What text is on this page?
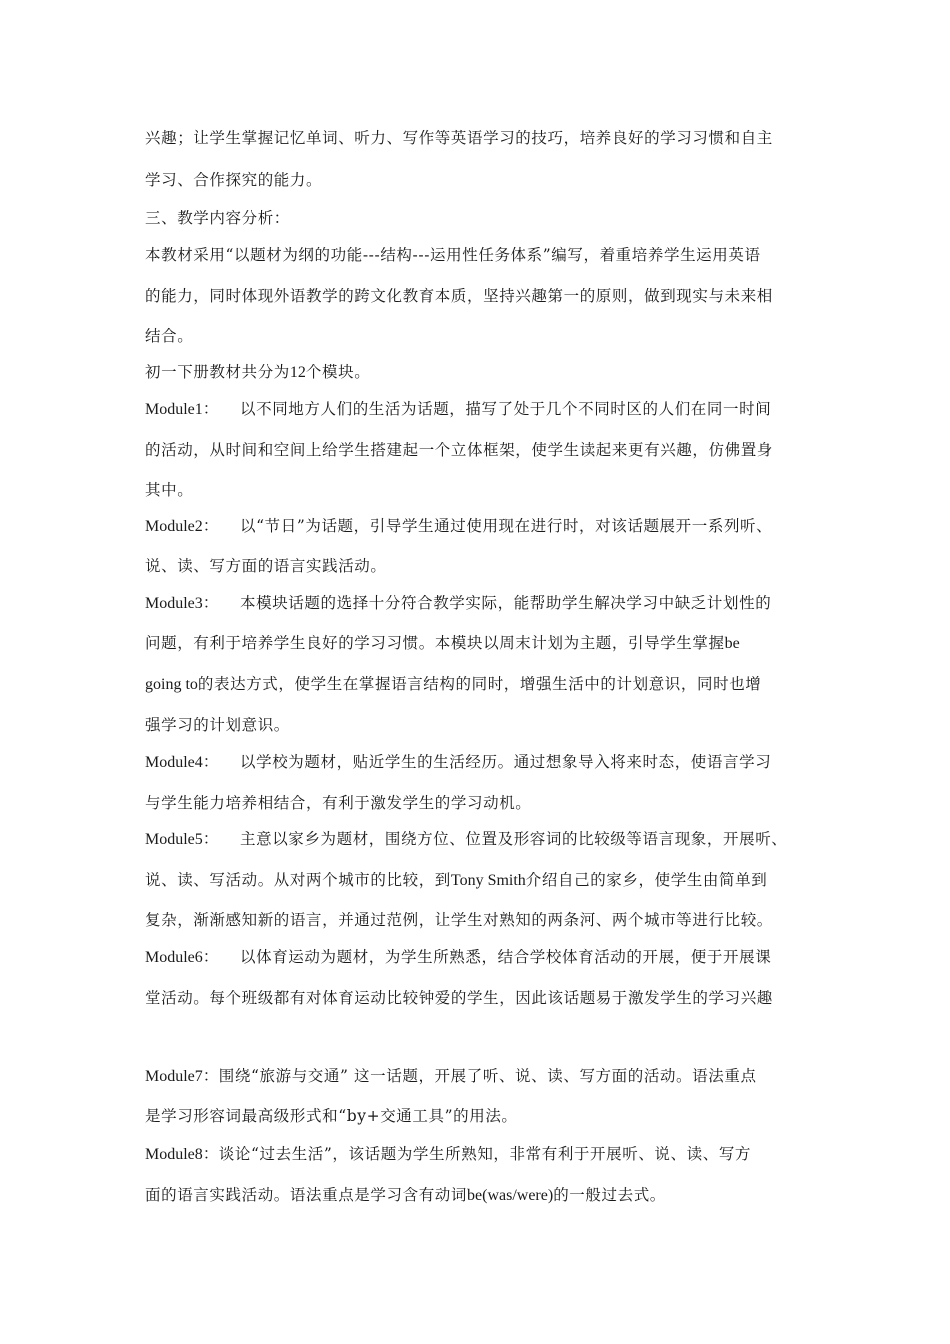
兴趣；让学生掌握记忆单词、听力、写作等英语学习的技巧，培养良好的学习习惯和自主
学习、合作探究的能力。
三、教学内容分析：
本教材采用“以题材为纲的功能---结构---运用性任务体系”编写，着重培养学生运用英语
的能力，同时体现外语教学的跨文化教育本质，坚持兴趣第一的原则，做到现实与未来相
结合。
初一下册教材共分为12个模块。
Module1： 以不同地方人们的生活为话题，描写了处于几个不同时区的人们在同一时间
的活动，从时间和空间上给学生搭建起一个立体框架，使学生读起来更有兴趣，仿佛置身
其中。
Module2： 以“节日”为话题，引导学生通过使用现在进行时，对该话题展开一系列听、
说、读、写方面的语言实践活动。
Module3： 本模块话题的选择十分符合教学实际，能帮助学生解决学习中缺乏计划性的
问题，有利于培养学生良好的学习习惯。本模块以周末计划为主题，引导学生掌握be
going to的表达方式，使学生在掌握语言结构的同时，增强生活中的计划意识，同时也增
强学习的计划意识。
Module4： 以学校为题材，贴近学生的生活经历。通过想象导入将来时态，使语言学习
与学生能力培养相结合，有利于激发学生的学习动机。
Module5： 主意以家乡为题材，围绕方位、位置及形容词的比较级等语言现象，开展听、
说、读、写活动。从对两个城市的比较，到Tony Smith介绍自己的家乡，使学生由简单到
复杂，渐渐感知新的语言，并通过范例，让学生对熟知的两条河、两个城市等进行比较。
Module6： 以体育运动为题材，为学生所熟悉，结合学校体育活动的开展，便于开展课
堂活动。每个班级都有对体育运动比较钟爱的学生，因此该话题易于激发学生的学习兴趣
Module7：围绕“旅游与交通” 这一话题，开展了听、说、读、写方面的活动。语法重点
是学习形容词最高级形式和“by+交通工具”的用法。
Module8：谈论“过去生活”，该话题为学生所熟知，非常有利于开展听、说、读、写方
面的语言实践活动。语法重点是学习含有动词be(was/were)的一般过去式。
